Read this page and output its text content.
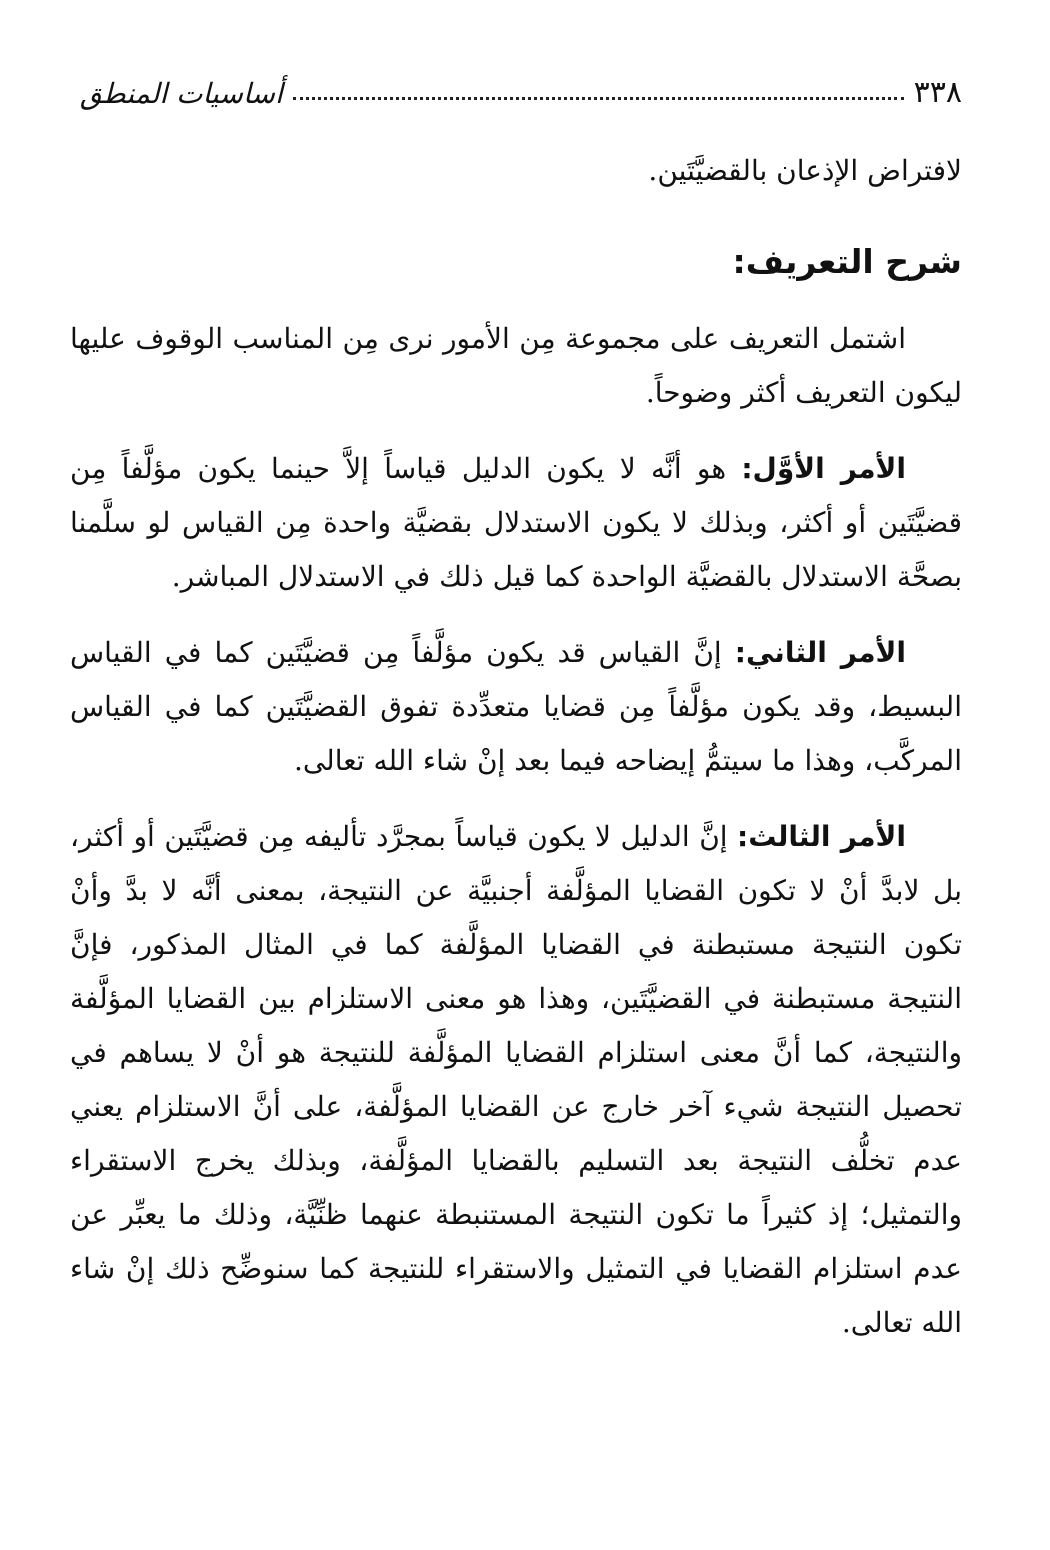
٣٣٨
أساسيات المنطق

لافتراض الإذعان بالقضيَّتَين.

شرح التعريف:

اشتمل التعريف على مجموعة مِن الأمور نرى مِن المناسب الوقوف عليها ليكون التعريف أكثر وضوحاً.

الأمر الأوَّل: هو أنَّه لا يكون الدليل قياساً إلاَّ حينما يكون مؤلَّفاً مِن قضيَّتَين أو أكثر، وبذلك لا يكون الاستدلال بقضيَّة واحدة مِن القياس لو سلَّمنا بصحَّة الاستدلال بالقضيَّة الواحدة كما قيل ذلك في الاستدلال المباشر.

الأمر الثاني: إنَّ القياس قد يكون مؤلَّفاً مِن قضيَّتَين كما في القياس البسيط، وقد يكون مؤلَّفاً مِن قضايا متعدِّدة تفوق القضيَّتَين كما في القياس المركَّب، وهذا ما سيتمُّ إيضاحه فيما بعد إنْ شاء الله تعالى.

الأمر الثالث: إنَّ الدليل لا يكون قياساً بمجرَّد تأليفه مِن قضيَّتَين أو أكثر، بل لابدَّ أنْ لا تكون القضايا المؤلَّفة أجنبيَّة عن النتيجة، بمعنى أنَّه لا بدَّ وأنْ تكون النتيجة مستبطنة في القضايا المؤلَّفة كما في المثال المذكور، فإنَّ النتيجة مستبطنة في القضيَّتَين، وهذا هو معنى الاستلزام بين القضايا المؤلَّفة والنتيجة، كما أنَّ معنى استلزام القضايا المؤلَّفة للنتيجة هو أنْ لا يساهم في تحصيل النتيجة شيء آخر خارج عن القضايا المؤلَّفة، على أنَّ الاستلزام يعني عدم تخلُّف النتيجة بعد التسليم بالقضايا المؤلَّفة، وبذلك يخرج الاستقراء والتمثيل؛ إذ كثيراً ما تكون النتيجة المستنبطة عنهما ظنِّيَّة، وذلك ما يعبِّر عن عدم استلزام القضايا في التمثيل والاستقراء للنتيجة كما سنوضِّح ذلك إنْ شاء الله تعالى.
